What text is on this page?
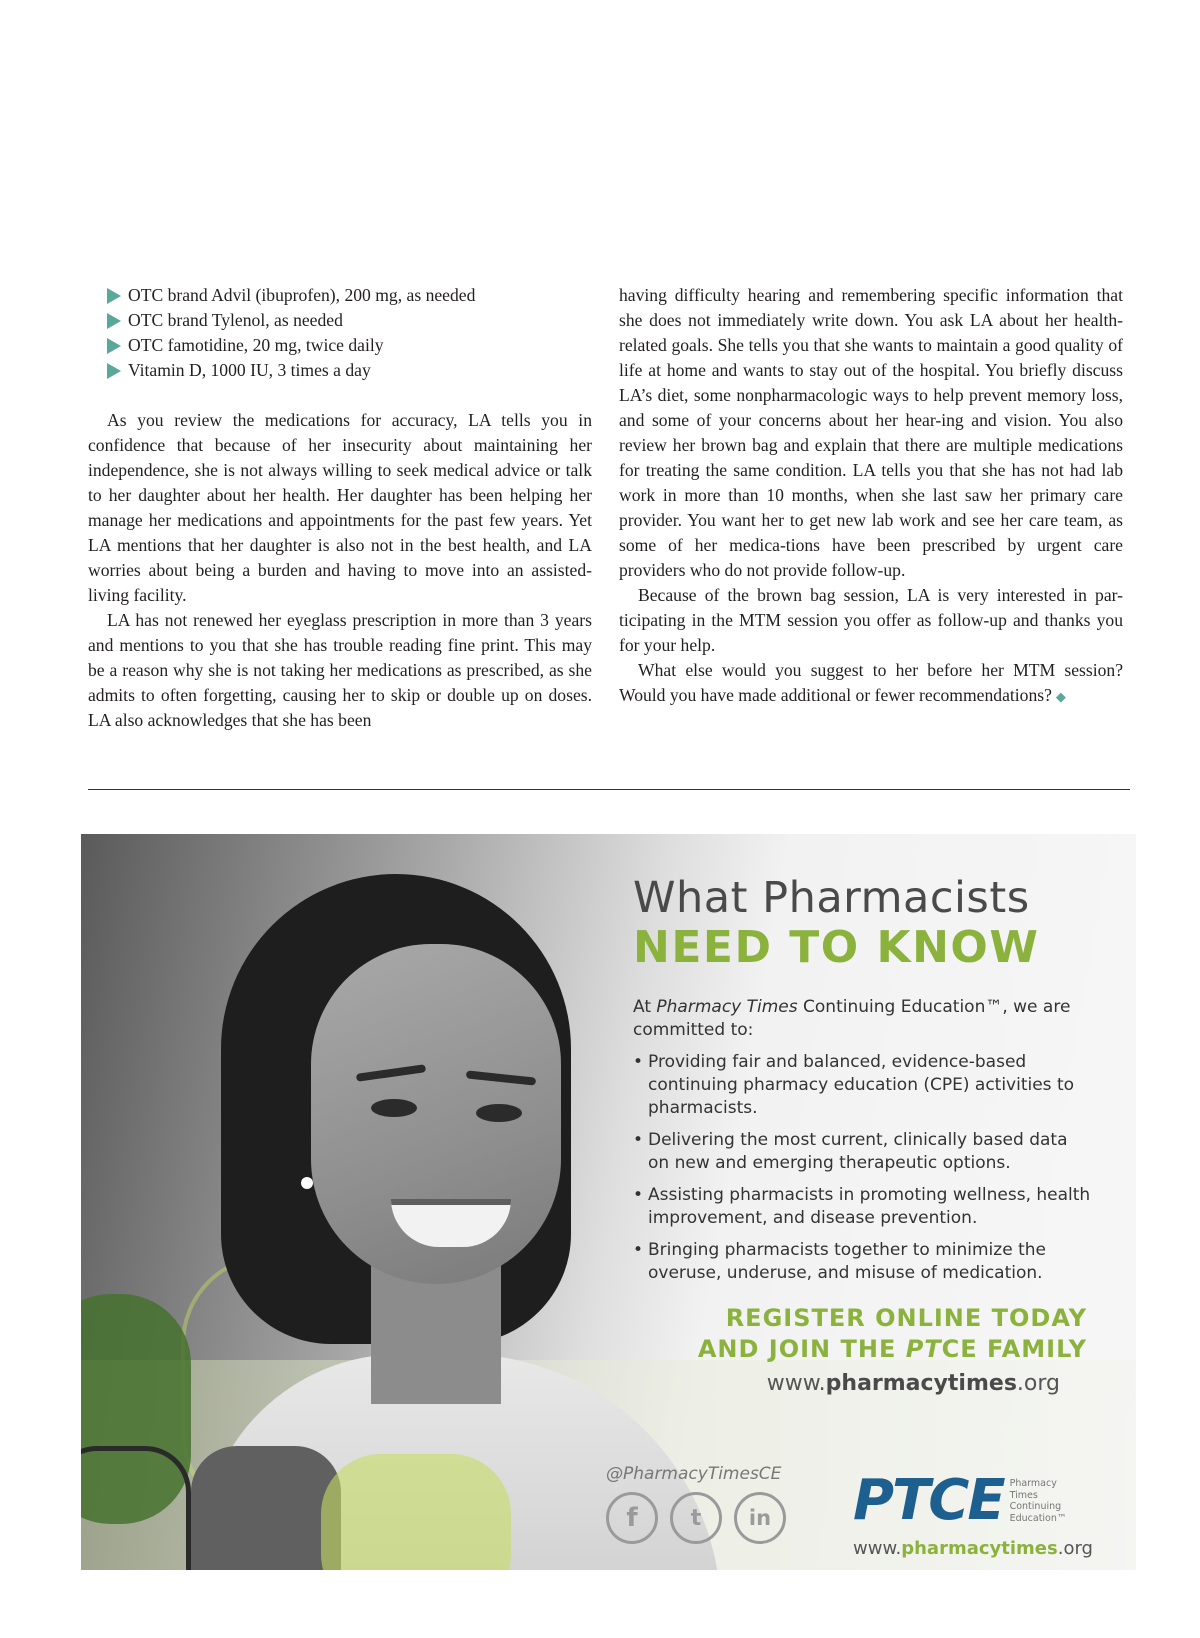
OTC brand Advil (ibuprofen), 200 mg, as needed
OTC brand Tylenol, as needed
OTC famotidine, 20 mg, twice daily
Vitamin D, 1000 IU, 3 times a day

As you review the medications for accuracy, LA tells you in confidence that because of her insecurity about maintaining her independence, she is not always willing to seek medical advice or talk to her daughter about her health. Her daughter has been helping her manage her medications and appointments for the past few years. Yet LA mentions that her daughter is also not in the best health, and LA worries about being a burden and having to move into an assisted-living facility.

LA has not renewed her eyeglass prescription in more than 3 years and mentions to you that she has trouble reading fine print. This may be a reason why she is not taking her medications as prescribed, as she admits to often forgetting, causing her to skip or double up on doses. LA also acknowledges that she has been

having difficulty hearing and remembering specific information that she does not immediately write down. You ask LA about her health-related goals. She tells you that she wants to maintain a good quality of life at home and wants to stay out of the hospital. You briefly discuss LA’s diet, some nonpharmacologic ways to help prevent memory loss, and some of your concerns about her hear-ing and vision. You also review her brown bag and explain that there are multiple medications for treating the same condition. LA tells you that she has not had lab work in more than 10 months, when she last saw her primary care provider. You want her to get new lab work and see her care team, as some of her medica-tions have been prescribed by urgent care providers who do not provide follow-up.

Because of the brown bag session, LA is very interested in par-ticipating in the MTM session you offer as follow-up and thanks you for your help.

What else would you suggest to her before her MTM session? Would you have made additional or fewer recommendations? ◆

What Pharmacists
NEED TO KNOW
At Pharmacy Times Continuing Education™, we are committed to:
• Providing fair and balanced, evidence-based continuing pharmacy education (CPE) activities to pharmacists.
• Delivering the most current, clinically based data on new and emerging therapeutic options.
• Assisting pharmacists in promoting wellness, health improvement, and disease prevention.
• Bringing pharmacists together to minimize the overuse, underuse, and misuse of medication.
REGISTER ONLINE TODAY
AND JOIN THE PTCE FAMILY
www.pharmacytimes.org
@PharmacyTimesCE
f	t	in PTCE Pharmacy
Times
Continuing
Education™
www.pharmacytimes.org
